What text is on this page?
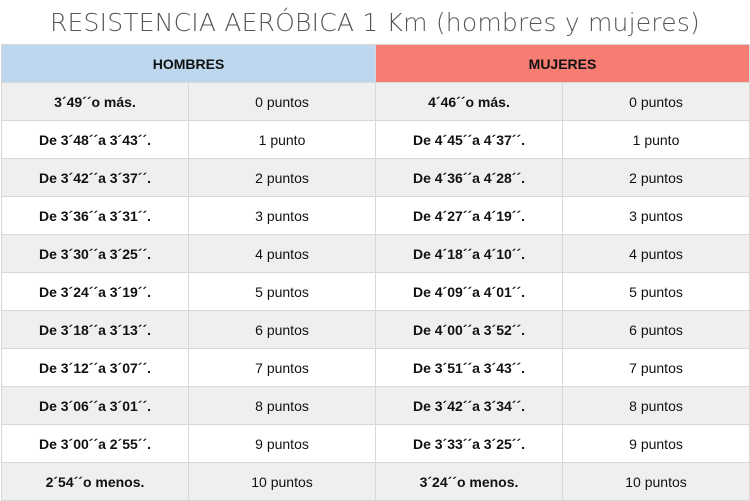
RESISTENCIA AERÓBICA 1 Km (hombres y mujeres)
HOMBRES		MUJERES	
3´49´´o más.	0 puntos	4´46´´o más.	0 puntos
De 3´48´´a 3´43´´.	1 punto	De 4´45´´a 4´37´´.	1 punto
De 3´42´´a 3´37´´.	2 puntos	De 4´36´´a 4´28´´.	2 puntos
De 3´36´´a 3´31´´.	3 puntos	De 4´27´´a 4´19´´.	3 puntos
De 3´30´´a 3´25´´.	4 puntos	De 4´18´´a 4´10´´.	4 puntos
De 3´24´´a 3´19´´.	5 puntos	De 4´09´´a 4´01´´.	5 puntos
De 3´18´´a 3´13´´.	6 puntos	De 4´00´´a 3´52´´.	6 puntos
De 3´12´´a 3´07´´.	7 puntos	De 3´51´´a 3´43´´.	7 puntos
De 3´06´´a 3´01´´.	8 puntos	De 3´42´´a 3´34´´.	8 puntos
De 3´00´´a 2´55´´.	9 puntos	De 3´33´´a 3´25´´.	9 puntos
2´54´´o menos.	10 puntos	3´24´´o menos.	10 puntos
